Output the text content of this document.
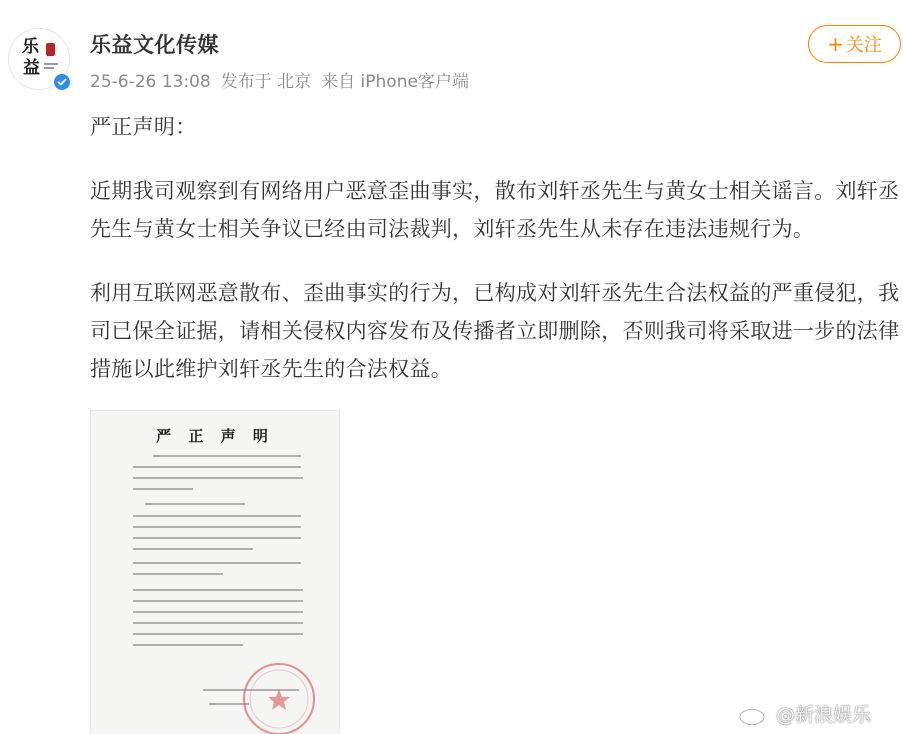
乐
益
乐益文化传媒
25-6-26 13:08 发布于 北京 来自 iPhone客户端
+ 关注

严正声明：

近期我司观察到有网络用户恶意歪曲事实，散布刘轩丞先生与黄女士相关谣言。刘轩丞先生与黄女士相关争议已经由司法裁判，刘轩丞先生从未存在违法违规行为。

利用互联网恶意散布、歪曲事实的行为，已构成对刘轩丞先生合法权益的严重侵犯，我司已保全证据，请相关侵权内容发布及传播者立即删除，否则我司将采取进一步的法律措施以此维护刘轩丞先生的合法权益。

严 正 声 明
@新浪娱乐
